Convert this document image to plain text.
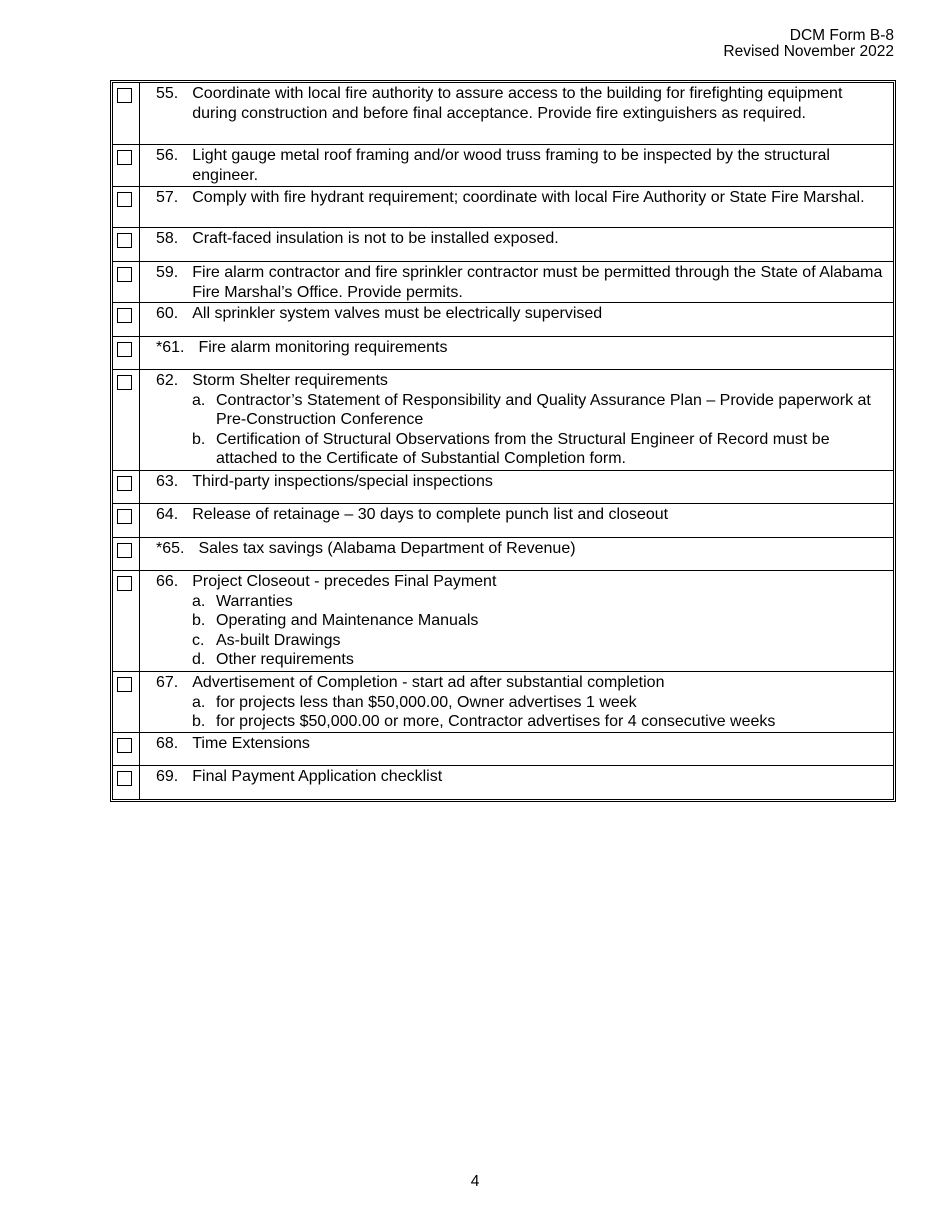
DCM Form B-8
Revised November 2022
55. Coordinate with local fire authority to assure access to the building for firefighting equipment during construction and before final acceptance. Provide fire extinguishers as required.
56. Light gauge metal roof framing and/or wood truss framing to be inspected by the structural engineer.
57. Comply with fire hydrant requirement; coordinate with local Fire Authority or State Fire Marshal.
58. Craft-faced insulation is not to be installed exposed.
59. Fire alarm contractor and fire sprinkler contractor must be permitted through the State of Alabama Fire Marshal’s Office. Provide permits.
60. All sprinkler system valves must be electrically supervised
*61. Fire alarm monitoring requirements
62. Storm Shelter requirements
a. Contractor’s Statement of Responsibility and Quality Assurance Plan – Provide paperwork at Pre-Construction Conference
b. Certification of Structural Observations from the Structural Engineer of Record must be attached to the Certificate of Substantial Completion form.
63. Third-party inspections/special inspections
64. Release of retainage – 30 days to complete punch list and closeout
*65. Sales tax savings (Alabama Department of Revenue)
66. Project Closeout - precedes Final Payment
a. Warranties
b. Operating and Maintenance Manuals
c. As-built Drawings
d. Other requirements
67. Advertisement of Completion - start ad after substantial completion
a. for projects less than $50,000.00, Owner advertises 1 week
b. for projects $50,000.00 or more, Contractor advertises for 4 consecutive weeks
68. Time Extensions
69. Final Payment Application checklist
4
